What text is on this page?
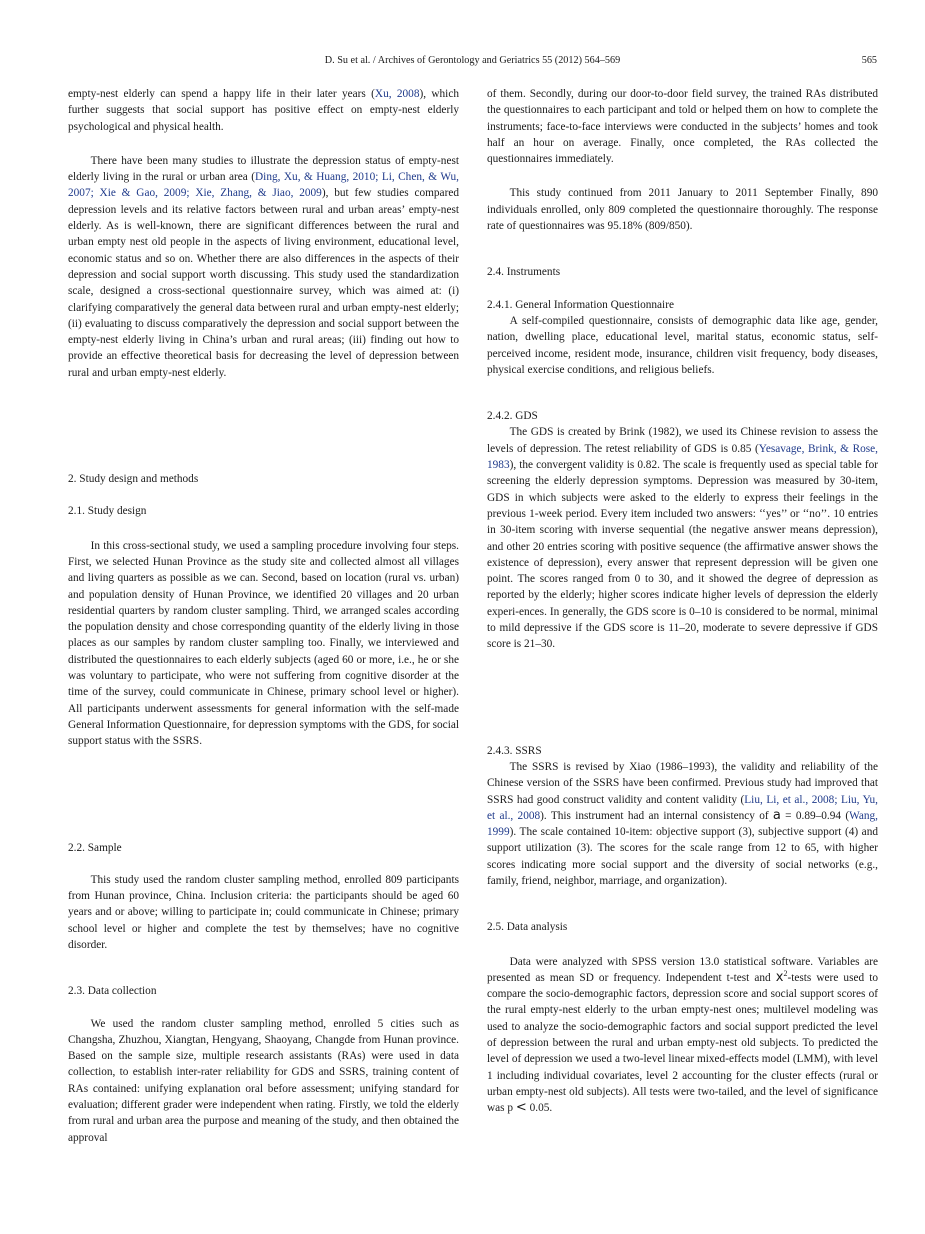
D. Su et al. / Archives of Gerontology and Geriatrics 55 (2012) 564–569	565

empty-nest elderly can spend a happy life in their later years (Xu, 2008), which further suggests that social support has positive effect on empty-nest elderly psychological and physical health.

There have been many studies to illustrate the depression status of empty-nest elderly living in the rural or urban area (Ding, Xu, & Huang, 2010; Li, Chen, & Wu, 2007; Xie & Gao, 2009; Xie, Zhang, & Jiao, 2009), but few studies compared depression levels and its relative factors between rural and urban areas’ empty-nest elderly. As is well-known, there are significant differences between the rural and urban empty nest old people in the aspects of living environment, educational level, economic status and so on. Whether there are also differences in the aspects of their depression and social support worth discussing. This study used the standardization scale, designed a cross-sectional questionnaire survey, which was aimed at: (i) clarifying comparatively the general data between rural and urban empty-nest elderly; (ii) evaluating to discuss comparatively the depression and social support between the empty-nest elderly living in China’s urban and rural areas; (iii) finding out how to provide an effective theoretical basis for decreasing the level of depression between rural and urban empty-nest elderly.

2. Study design and methods
2.1. Study design

In this cross-sectional study, we used a sampling procedure involving four steps. First, we selected Hunan Province as the study site and collected almost all villages and living quarters as possible as we can. Second, based on location (rural vs. urban) and population density of Hunan Province, we identified 20 villages and 20 urban residential quarters by random cluster sampling. Third, we arranged scales according the population density and chose corresponding quantity of the elderly living in those places as our samples by random cluster sampling too. Finally, we interviewed and distributed the questionnaires to each elderly subjects (aged 60 or more, i.e., he or she was voluntary to participate, who were not suffering from cognitive disorder at the time of the survey, could communicate in Chinese, primary school level or higher). All participants underwent assessments for general information with the self-made General Information Questionnaire, for depression symptoms with the GDS, for social support status with the SSRS.

2.2. Sample

This study used the random cluster sampling method, enrolled 809 participants from Hunan province, China. Inclusion criteria: the participants should be aged 60 years and or above; willing to participate in; could communicate in Chinese; primary school level or higher and complete the test by themselves; have no cognitive disorder.

2.3. Data collection

We used the random cluster sampling method, enrolled 5 cities such as Changsha, Zhuzhou, Xiangtan, Hengyang, Shaoyang, Changde from Hunan province. Based on the sample size, multiple research assistants (RAs) were used in data collection, to establish inter-rater reliability for GDS and SSRS, training content of RAs contained: unifying explanation oral before assessment; unifying standard for evaluation; different grader were independent when rating. Firstly, we told the elderly from rural and urban area the purpose and meaning of the study, and then obtained the approval

of them. Secondly, during our door-to-door field survey, the trained RAs distributed the questionnaires to each participant and told or helped them on how to complete the instruments; face-to-face interviews were conducted in the subjects’ homes and took half an hour on average. Finally, once completed, the RAs collected the questionnaires immediately.

This study continued from 2011 January to 2011 September Finally, 890 individuals enrolled, only 809 completed the questionnaire thoroughly. The response rate of questionnaires was 95.18% (809/850).

2.4. Instruments
2.4.1. General Information Questionnaire

A self-compiled questionnaire, consists of demographic data like age, gender, nation, dwelling place, educational level, marital status, economic status, self-perceived income, resident mode, insurance, children visit frequency, body diseases, physical exercise conditions, and religious beliefs.

2.4.2. GDS

The GDS is created by Brink (1982), we used its Chinese revision to assess the levels of depression. The retest reliability of GDS is 0.85 (Yesavage, Brink, & Rose, 1983), the convergent validity is 0.82. The scale is frequently used as special table for screening the elderly depression symptoms. Depression was measured by 30-item, GDS in which subjects were asked to the elderly to express their feelings in the previous 1-week period. Every item included two answers: ‘‘yes’’ or ‘‘no’’. 10 entries in 30-item scoring with inverse sequential (the negative answer means depression), and other 20 entries scoring with positive sequence (the affirmative answer shows the existence of depression), every answer that represent depression will be given one point. The scores ranged from 0 to 30, and it showed the degree of depression as reported by the elderly; higher scores indicate higher levels of depression the elderly experi-ences. In generally, the GDS score is 0–10 is considered to be normal, minimal to mild depressive if the GDS score is 11–20, moderate to severe depressive if GDS score is 21–30.

2.4.3. SSRS

The SSRS is revised by Xiao (1986–1993), the validity and reliability of the Chinese version of the SSRS have been confirmed. Previous study had improved that SSRS had good construct validity and content validity (Liu, Li, et al., 2008; Liu, Yu, et al., 2008). This instrument had an internal consistency of a = 0.89–0.94 (Wang, 1999). The scale contained 10-item: objective support (3), subjective support (4) and support utilization (3). The scores for the scale range from 12 to 65, with higher scores indicating more social support and the diversity of social networks (e.g., family, friend, neighbor, marriage, and organization).

2.5. Data analysis

Data were analyzed with SPSS version 13.0 statistical software. Variables are presented as mean SD or frequency. Independent t-test and $x^2$-tests were used to compare the socio-demographic factors, depression score and social support scores of the rural empty-nest elderly to the urban empty-nest ones; multilevel modeling was used to analyze the socio-demographic factors and social support predicted the level of depression between the rural and urban empty-nest old subjects. To predicted the level of depression we used a two-level linear mixed-effects model (LMM), with level 1 including individual covariates, level 2 accounting for the cluster effects (rural or urban empty-nest old subjects). All tests were two-tailed, and the level of significance was p < 0.05.
